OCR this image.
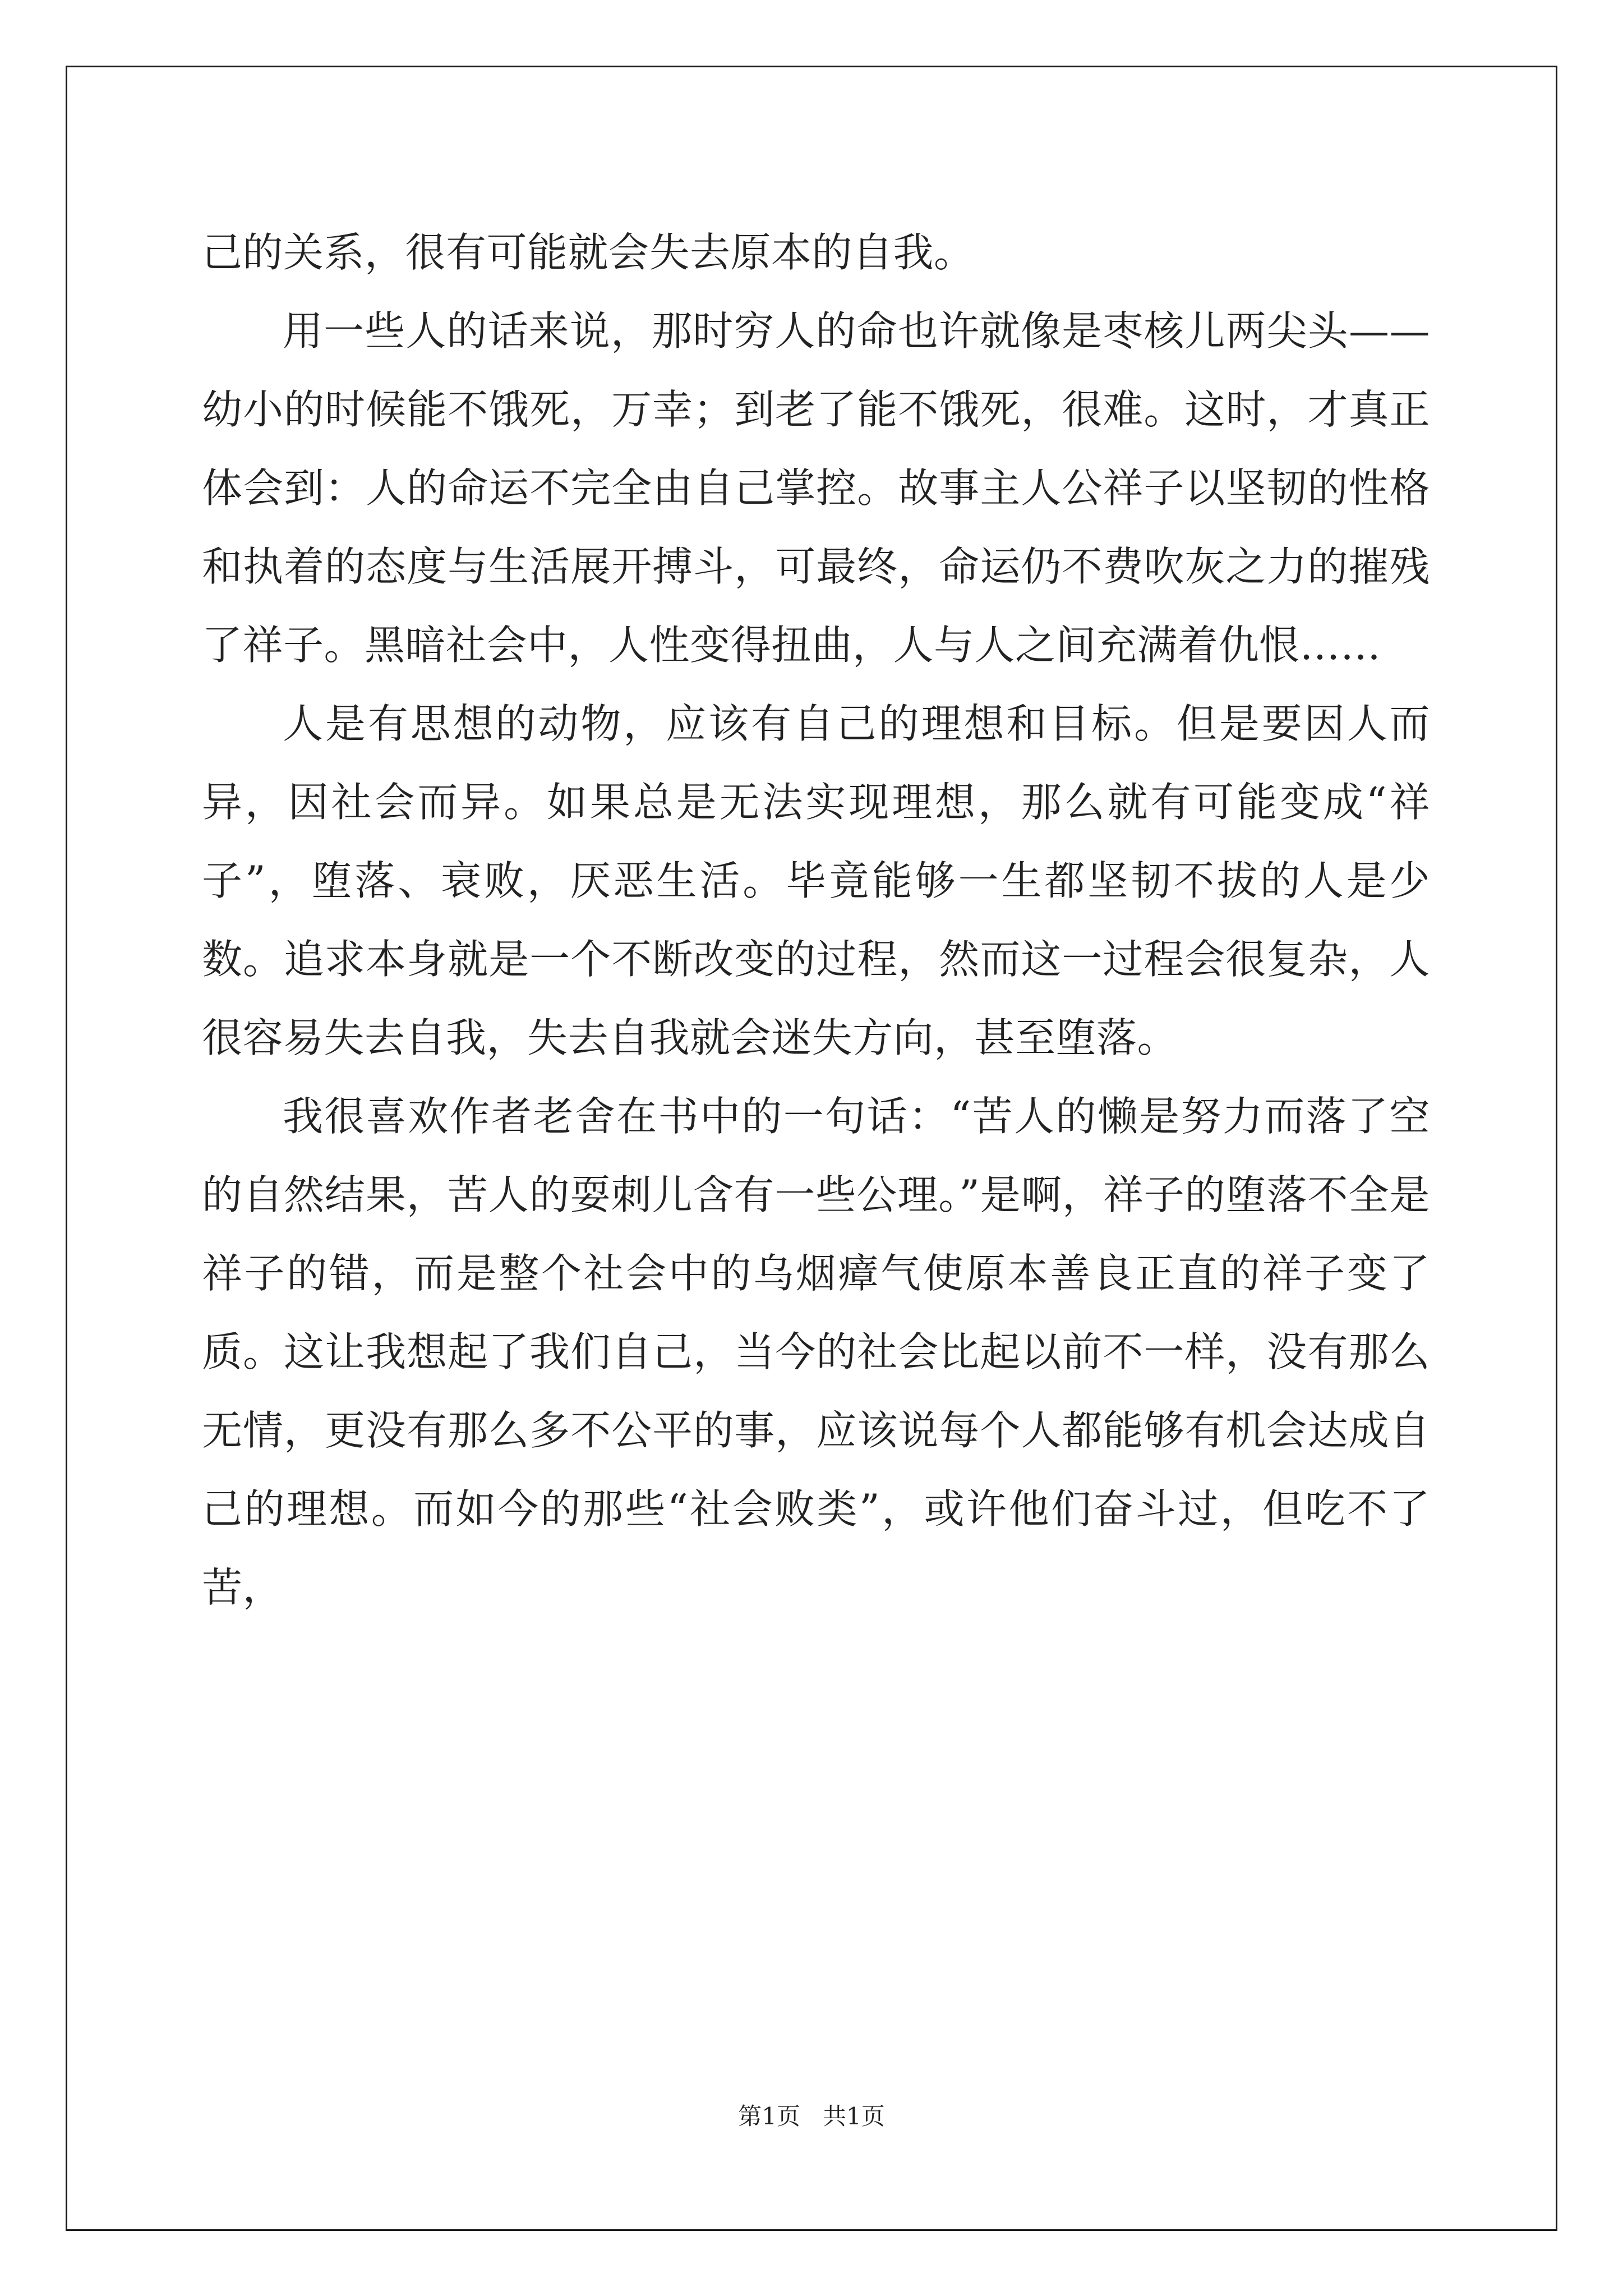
己的关系，很有可能就会失去原本的自我。

用一些人的话来说，那时穷人的命也许就像是枣核儿两尖头——幼小的时候能不饿死，万幸；到老了能不饿死，很难。这时，才真正体会到：人的命运不完全由自己掌控。故事主人公祥子以坚韧的性格和执着的态度与生活展开搏斗，可最终，命运仍不费吹灰之力的摧残了祥子。黑暗社会中，人性变得扭曲，人与人之间充满着仇恨……

人是有思想的动物，应该有自己的理想和目标。但是要因人而异，因社会而异。如果总是无法实现理想，那么就有可能变成“祥子”，堕落、衰败，厌恶生活。毕竟能够一生都坚韧不拔的人是少数。追求本身就是一个不断改变的过程，然而这一过程会很复杂，人很容易失去自我，失去自我就会迷失方向，甚至堕落。

我很喜欢作者老舍在书中的一句话：“苦人的懒是努力而落了空的自然结果，苦人的耍刺儿含有一些公理。”是啊，祥子的堕落不全是祥子的错，而是整个社会中的乌烟瘴气使原本善良正直的祥子变了质。这让我想起了我们自己，当今的社会比起以前不一样，没有那么无情，更没有那么多不公平的事，应该说每个人都能够有机会达成自己的理想。而如今的那些“社会败类”，或许他们奋斗过，但吃不了苦，

第1页   共1页
